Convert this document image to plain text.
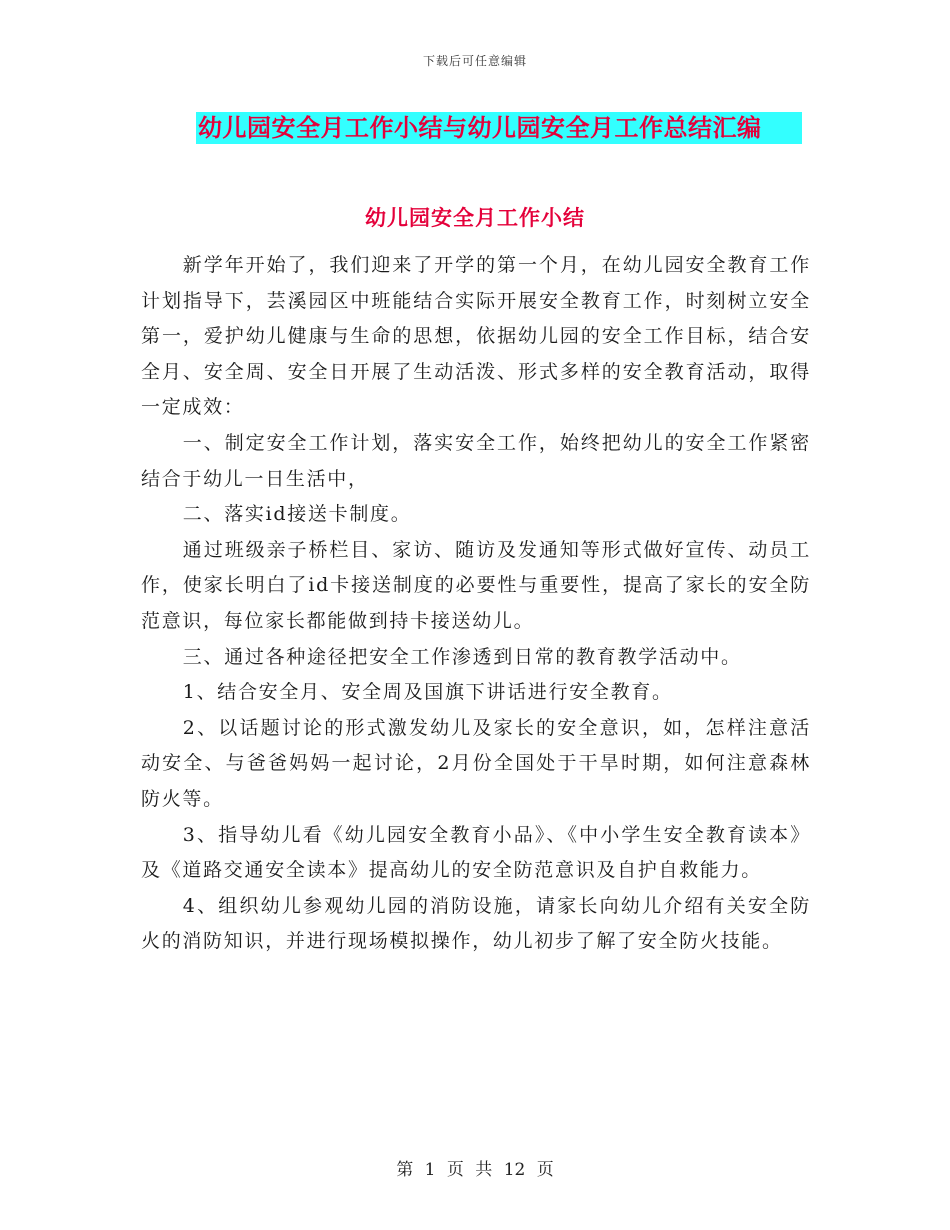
下载后可任意编辑
幼儿园安全月工作小结与幼儿园安全月工作总结汇编
幼儿园安全月工作小结

新学年开始了，我们迎来了开学的第一个月，在幼儿园安全教育工作计划指导下，芸溪园区中班能结合实际开展安全教育工作，时刻树立安全第一，爱护幼儿健康与生命的思想，依据幼儿园的安全工作目标，结合安全月、安全周、安全日开展了生动活泼、形式多样的安全教育活动，取得一定成效：

一、制定安全工作计划，落实安全工作，始终把幼儿的安全工作紧密结合于幼儿一日生活中，

二、落实id接送卡制度。

通过班级亲子桥栏目、家访、随访及发通知等形式做好宣传、动员工作，使家长明白了id卡接送制度的必要性与重要性，提高了家长的安全防范意识，每位家长都能做到持卡接送幼儿。

三、通过各种途径把安全工作渗透到日常的教育教学活动中。

1、结合安全月、安全周及国旗下讲话进行安全教育。

2、以话题讨论的形式激发幼儿及家长的安全意识，如，怎样注意活动安全、与爸爸妈妈一起讨论，2月份全国处于干旱时期，如何注意森林防火等。

3、指导幼儿看《幼儿园安全教育小品》、《中小学生安全教育读本》及《道路交通安全读本》提高幼儿的安全防范意识及自护自救能力。

4、组织幼儿参观幼儿园的消防设施，请家长向幼儿介绍有关安全防火的消防知识，并进行现场模拟操作，幼儿初步了解了安全防火技能。

第 1 页 共 12 页
